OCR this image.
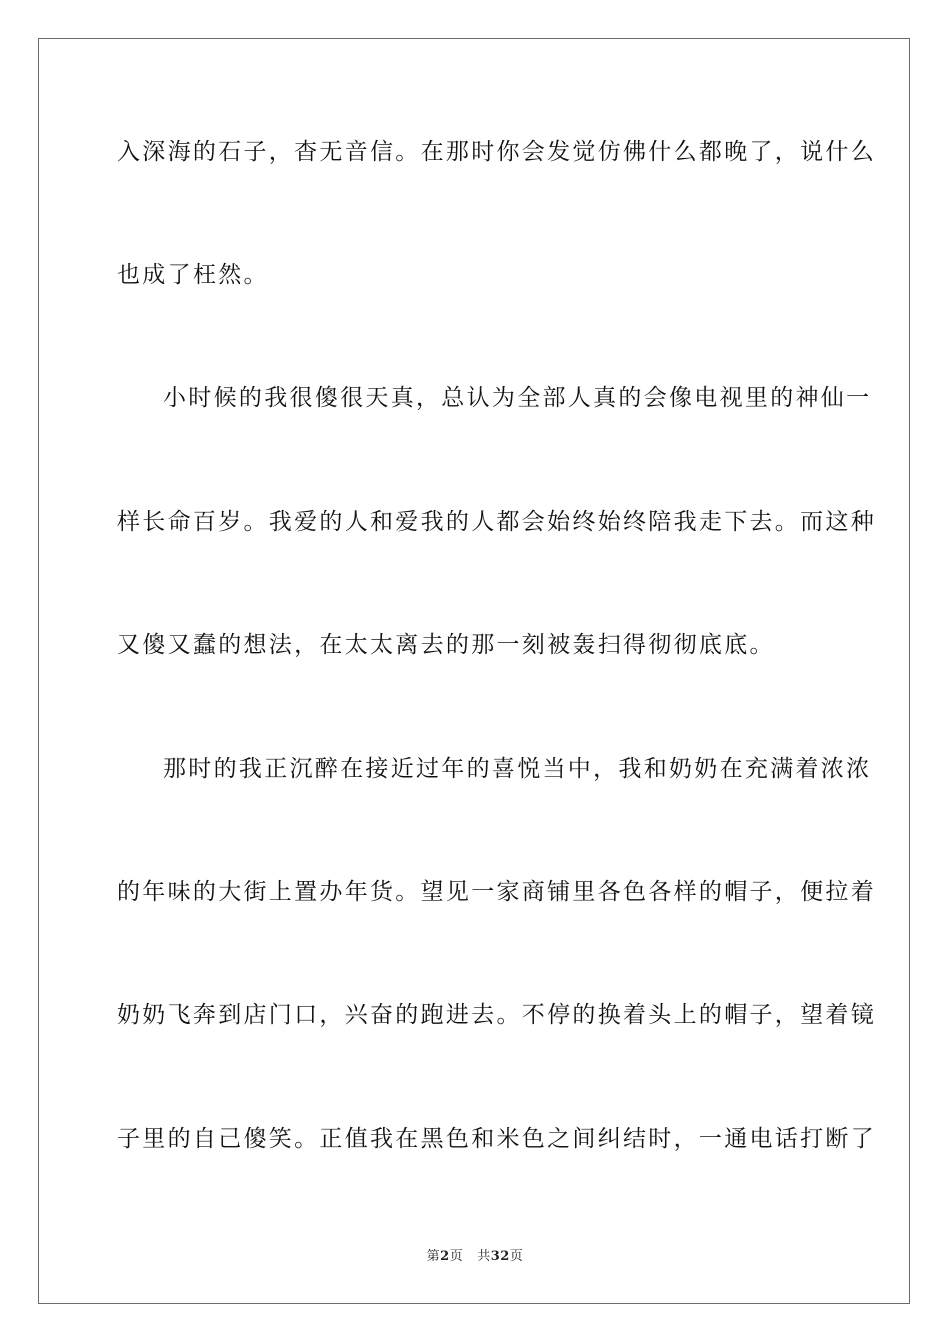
入深海的石子，杳无音信。在那时你会发觉仿佛什么都晚了，说什么

也成了枉然。

小时候的我很傻很天真，总认为全部人真的会像电视里的神仙一

样长命百岁。我爱的人和爱我的人都会始终始终陪我走下去。而这种

又傻又蠢的想法，在太太离去的那一刻被轰扫得彻彻底底。

那时的我正沉醉在接近过年的喜悦当中，我和奶奶在充满着浓浓

的年味的大街上置办年货。望见一家商铺里各色各样的帽子，便拉着

奶奶飞奔到店门口，兴奋的跑进去。不停的换着头上的帽子，望着镜

子里的自己傻笑。正值我在黑色和米色之间纠结时，一通电话打断了

第2页 共32页
